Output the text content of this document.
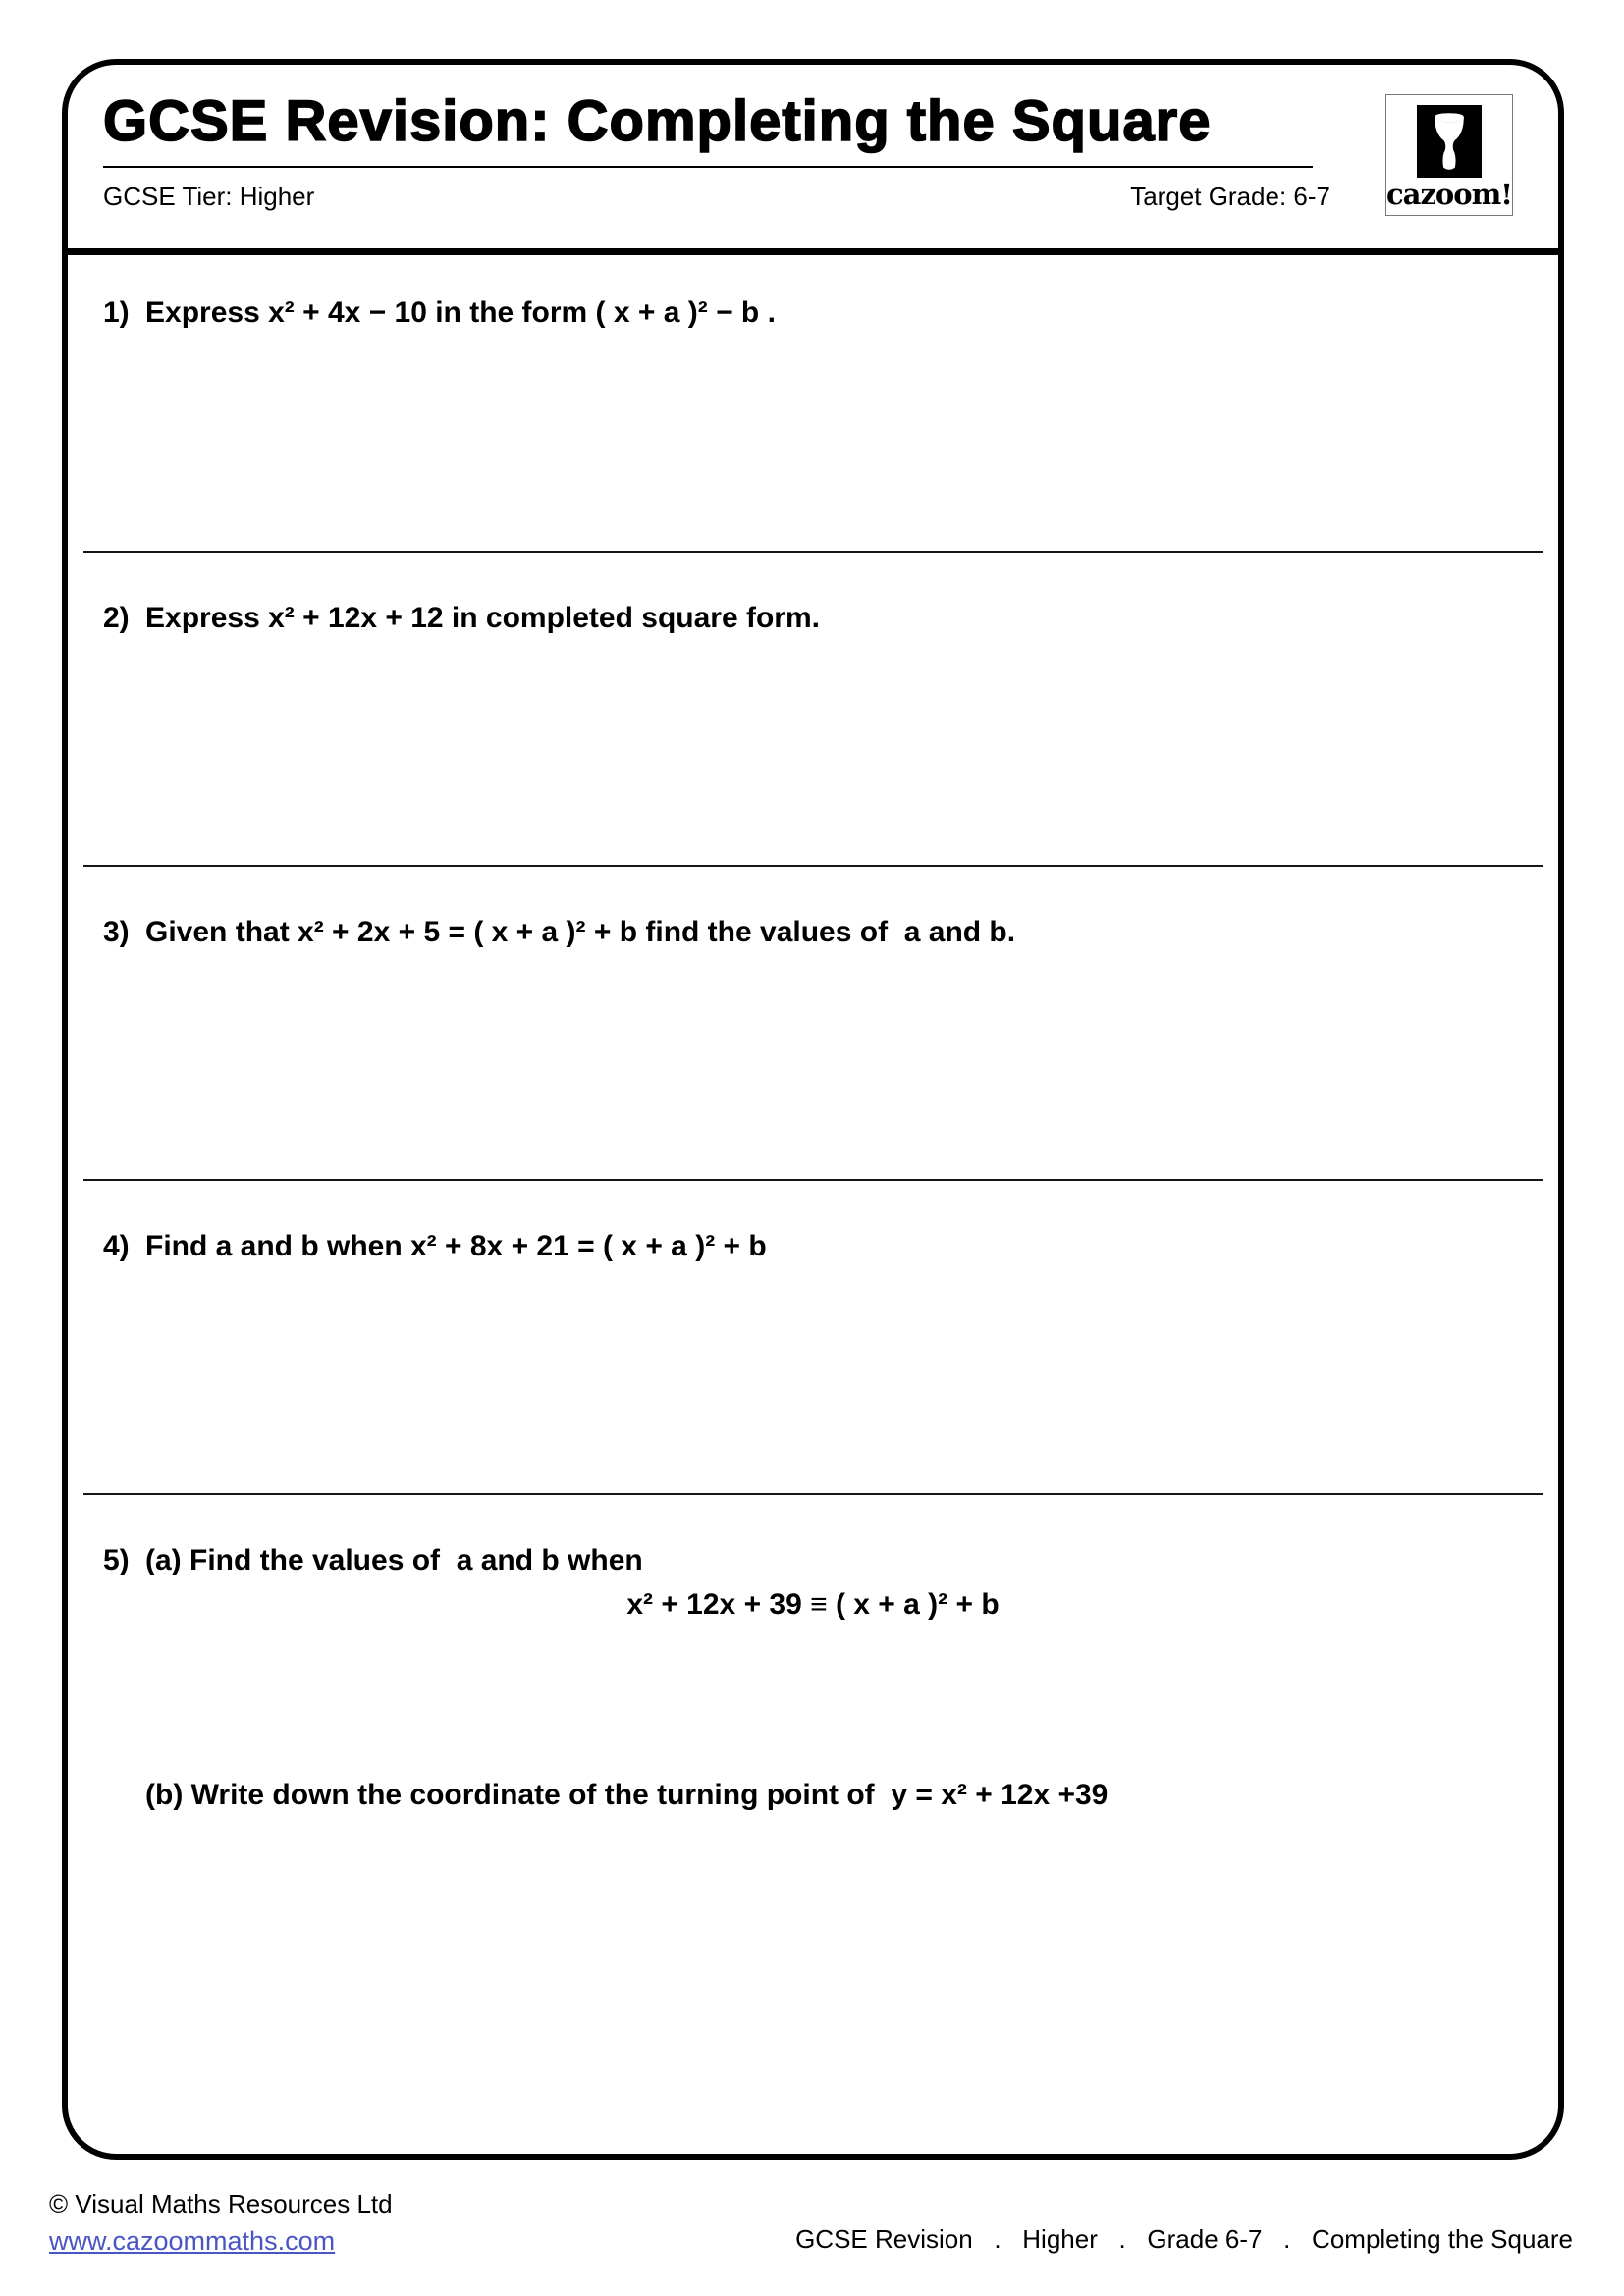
GCSE Revision: Completing the Square
GCSE Tier: Higher	Target Grade: 6-7 cazoom!
1) Express x² + 4x − 10 in the form ( x + a )² − b .
2) Express x² + 12x + 12 in completed square form.
3) Given that x² + 2x + 5 = ( x + a )² + b find the values of  a and b.
4) Find a and b when x² + 8x + 21 = ( x + a )² + b
5) (a) Find the values of  a and b when
x² + 12x + 39 ≡ ( x + a )² + b
(b) Write down the coordinate of the turning point of  y = x² + 12x +39
© Visual Maths Resources Ltd
www.cazoommaths.com	GCSE Revision   .   Higher   .   Grade 6-7   .   Completing the Square
